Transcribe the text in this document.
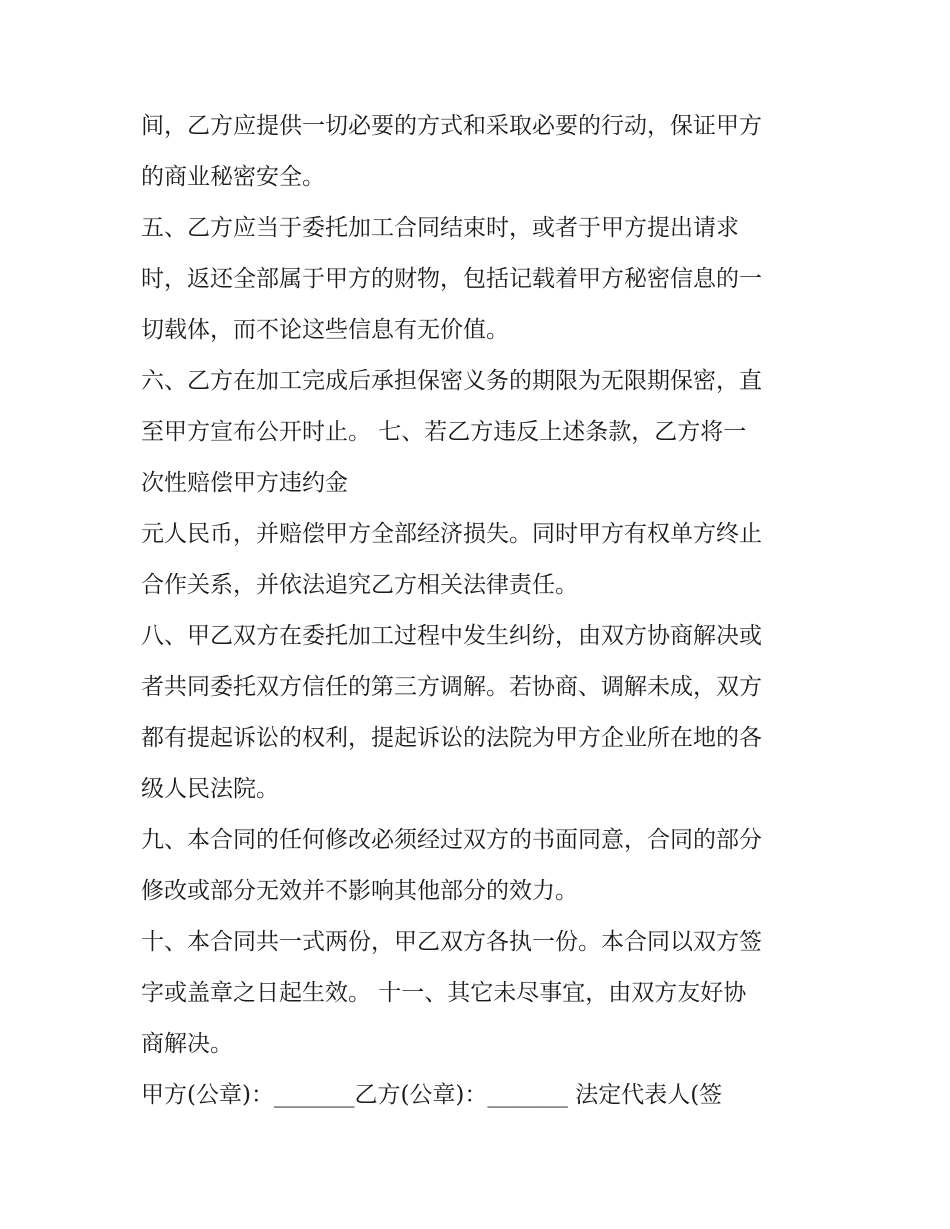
间，乙方应提供一切必要的方式和采取必要的行动，保证甲方
的商业秘密安全。
五、乙方应当于委托加工合同结束时，或者于甲方提出请求
时，返还全部属于甲方的财物，包括记载着甲方秘密信息的一
切载体，而不论这些信息有无价值。
六、乙方在加工完成后承担保密义务的期限为无限期保密，直
至甲方宣布公开时止。 七、若乙方违反上述条款，乙方将一
次性赔偿甲方违约金
元人民币，并赔偿甲方全部经济损失。同时甲方有权单方终止
合作关系，并依法追究乙方相关法律责任。
八、甲乙双方在委托加工过程中发生纠纷，由双方协商解决或
者共同委托双方信任的第三方调解。若协商、调解未成，双方
都有提起诉讼的权利，提起诉讼的法院为甲方企业所在地的各
级人民法院。
九、本合同的任何修改必须经过双方的书面同意，合同的部分
修改或部分无效并不影响其他部分的效力。
十、本合同共一式两份，甲乙双方各执一份。本合同以双方签
字或盖章之日起生效。 十一、其它未尽事宜，由双方友好协
商解决。
甲方(公章)：_______乙方(公章)：_______ 法定代表人(签
